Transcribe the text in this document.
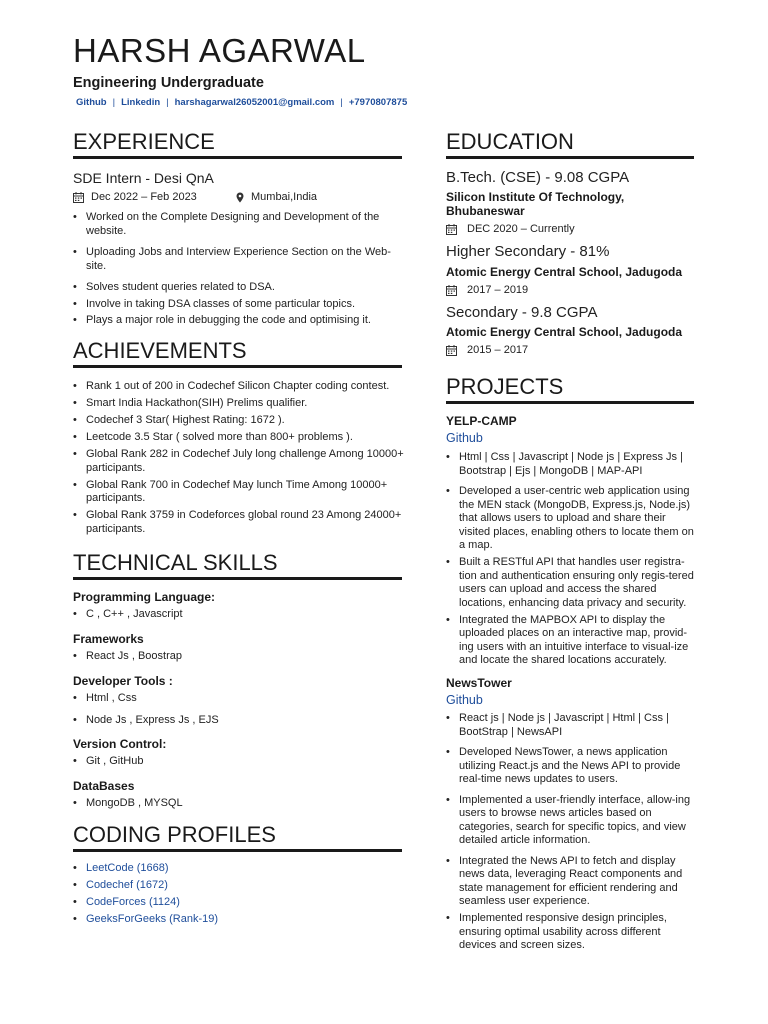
HARSH AGARWAL
Engineering Undergraduate
Github | Linkedin | harshagarwal26052001@gmail.com | +7970807875
EXPERIENCE
SDE Intern - Desi QnA
Dec 2022 – Feb 2023	Mumbai,India
• Worked on the Complete Designing and Development of the website.
• Uploading Jobs and Interview Experience Section on the Web-site.
• Solves student queries related to DSA.
• Involve in taking DSA classes of some particular topics.
• Plays a major role in debugging the code and optimising it.
ACHIEVEMENTS
• Rank 1 out of 200 in Codechef Silicon Chapter coding contest.
• Smart India Hackathon(SIH) Prelims qualifier.
• Codechef 3 Star( Highest Rating: 1672 ).
• Leetcode 3.5 Star ( solved more than 800+ problems ).
• Global Rank 282 in Codechef July long challenge Among 10000+ participants.
• Global Rank 700 in Codechef May lunch Time Among 10000+ participants.
• Global Rank 3759 in Codeforces global round 23 Among 24000+ participants.
TECHNICAL SKILLS
Programming Language:
• C , C++ , Javascript
Frameworks
• React Js , Boostrap
Developer Tools :
• Html , Css
• Node Js , Express Js , EJS
Version Control:
• Git , GitHub
DataBases
• MongoDB , MYSQL
CODING PROFILES
• LeetCode (1668)
• Codechef (1672)
• CodeForces (1124)
• GeeksForGeeks (Rank-19)
EDUCATION
B.Tech. (CSE) - 9.08 CGPA
Silicon Institute Of Technology, Bhubaneswar
DEC 2020 – Currently
Higher Secondary - 81%
Atomic Energy Central School, Jadugoda
2017 – 2019
Secondary - 9.8 CGPA
Atomic Energy Central School, Jadugoda
2015 – 2017
PROJECTS
YELP-CAMP
Github
• Html | Css | Javascript | Node js | Express Js | Bootstrap | Ejs | MongoDB | MAP-API
• Developed a user-centric web application using the MEN stack (MongoDB, Express.js, Node.js) that allows users to upload and share their visited places, enabling others to locate them on a map.
• Built a RESTful API that handles user registra-tion and authentication ensuring only regis-tered users can upload and access the shared locations, enhancing data privacy and security.
• Integrated the MAPBOX API to display the uploaded places on an interactive map, provid-ing users with an intuitive interface to visual-ize and locate the shared locations accurately.
NewsTower
Github
• React js | Node js | Javascript | Html | Css | BootStrap | NewsAPI
• Developed NewsTower, a news application utilizing React.js and the News API to provide real-time news updates to users.
• Implemented a user-friendly interface, allow-ing users to browse news articles based on categories, search for specific topics, and view detailed article information.
• Integrated the News API to fetch and display news data, leveraging React components and state management for efficient rendering and seamless user experience.
• Implemented responsive design principles, ensuring optimal usability across different devices and screen sizes.
